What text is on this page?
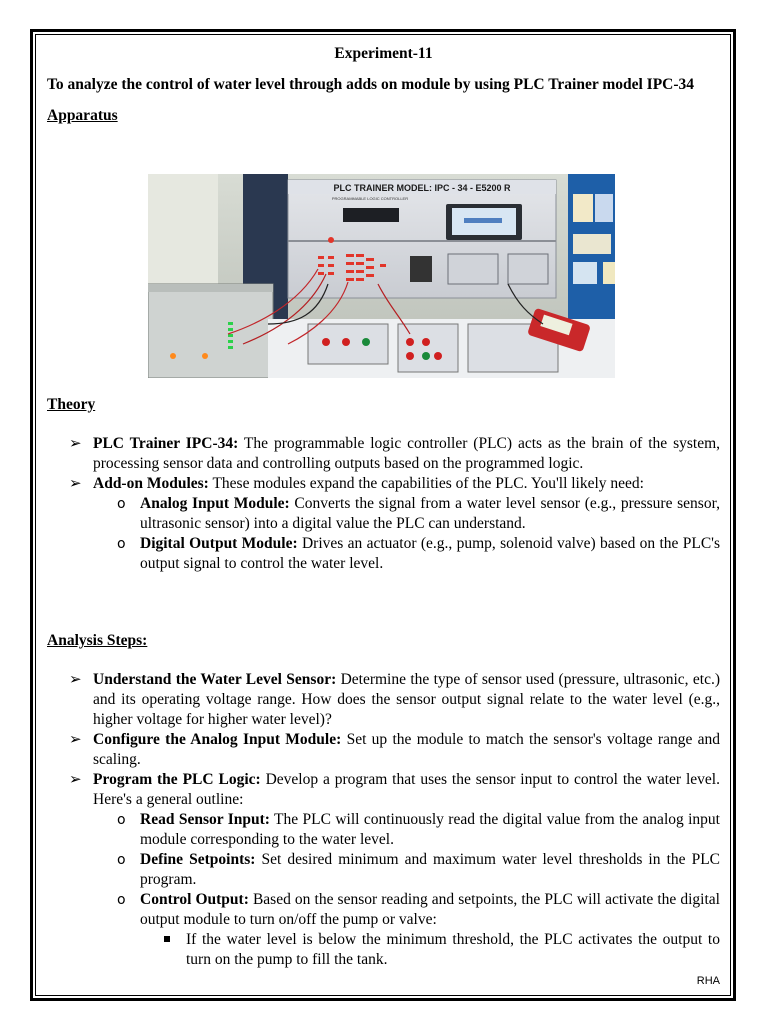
Experiment-11

To analyze the control of water level through adds on module by using PLC Trainer model IPC-34

Apparatus

PLC TRAINER MODEL: IPC - 34 - E5200 R
PROGRAMMABLE LOGIC CONTROLLER

Theory

➢ PLC Trainer IPC-34: The programmable logic controller (PLC) acts as the brain of the system, processing sensor data and controlling outputs based on the programmed logic.
➢ Add-on Modules: These modules expand the capabilities of the PLC. You'll likely need:
o Analog Input Module: Converts the signal from a water level sensor (e.g., pressure sensor, ultrasonic sensor) into a digital value the PLC can understand.
o Digital Output Module: Drives an actuator (e.g., pump, solenoid valve) based on the PLC's output signal to control the water level.

Analysis Steps:

➢ Understand the Water Level Sensor: Determine the type of sensor used (pressure, ultrasonic, etc.) and its operating voltage range. How does the sensor output signal relate to the water level (e.g., higher voltage for higher water level)?
➢ Configure the Analog Input Module: Set up the module to match the sensor's voltage range and scaling.
➢ Program the PLC Logic: Develop a program that uses the sensor input to control the water level. Here's a general outline:
o Read Sensor Input: The PLC will continuously read the digital value from the analog input module corresponding to the water level.
o Define Setpoints: Set desired minimum and maximum water level thresholds in the PLC program.
o Control Output: Based on the sensor reading and setpoints, the PLC will activate the digital output module to turn on/off the pump or valve:
If the water level is below the minimum threshold, the PLC activates the output to turn on the pump to fill the tank.
RHA
